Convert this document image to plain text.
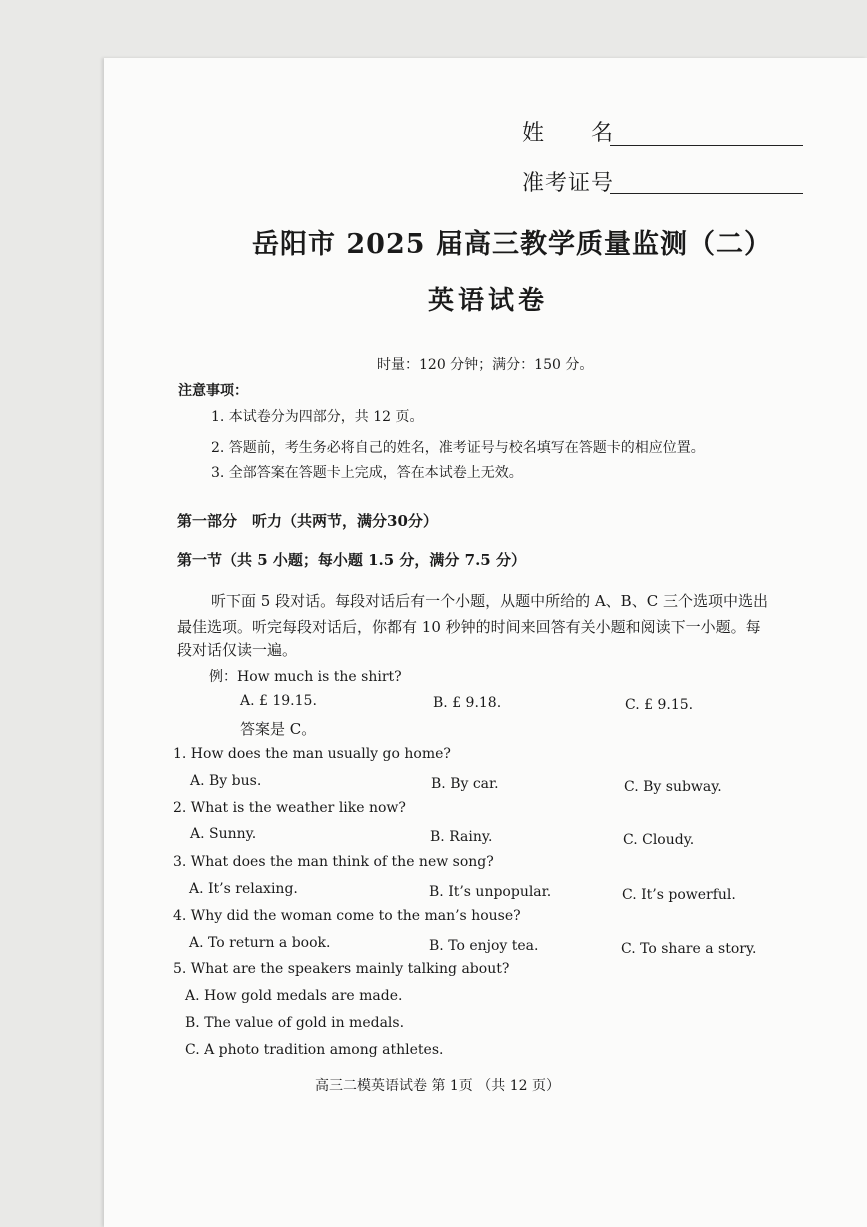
姓　　名
准考证号
岳阳市 2025 届高三教学质量监测（二）
英语试卷
时量：120 分钟；满分：150 分。
注意事项：
1. 本试卷分为四部分，共 12 页。
2. 答题前，考生务必将自己的姓名，准考证号与校名填写在答题卡的相应位置。
3. 全部答案在答题卡上完成，答在本试卷上无效。
第一部分　听力（共两节，满分30分）
第一节（共 5 小题；每小题 1.5 分，满分 7.5 分）
听下面 5 段对话。每段对话后有一个小题，从题中所给的 A、B、C 三个选项中选出
最佳选项。听完每段对话后，你都有 10 秒钟的时间来回答有关小题和阅读下一小题。每
段对话仅读一遍。
例：How much is the shirt?
A. £ 19.15.	B. £ 9.18.	C. £ 9.15.
答案是 C。
1. How does the man usually go home?
A. By bus.	B. By car.	C. By subway.
2. What is the weather like now?
A. Sunny.	B. Rainy.	C. Cloudy.
3. What does the man think of the new song?
A. It’s relaxing.	B. It’s unpopular.	C. It’s powerful.
4. Why did the woman come to the man’s house?
A. To return a book.	B. To enjoy tea.	C. To share a story.
5. What are the speakers mainly talking about?
A. How gold medals are made.
B. The value of gold in medals.
C. A photo tradition among athletes.
高三二模英语试卷 第 1页 （共 12 页）
